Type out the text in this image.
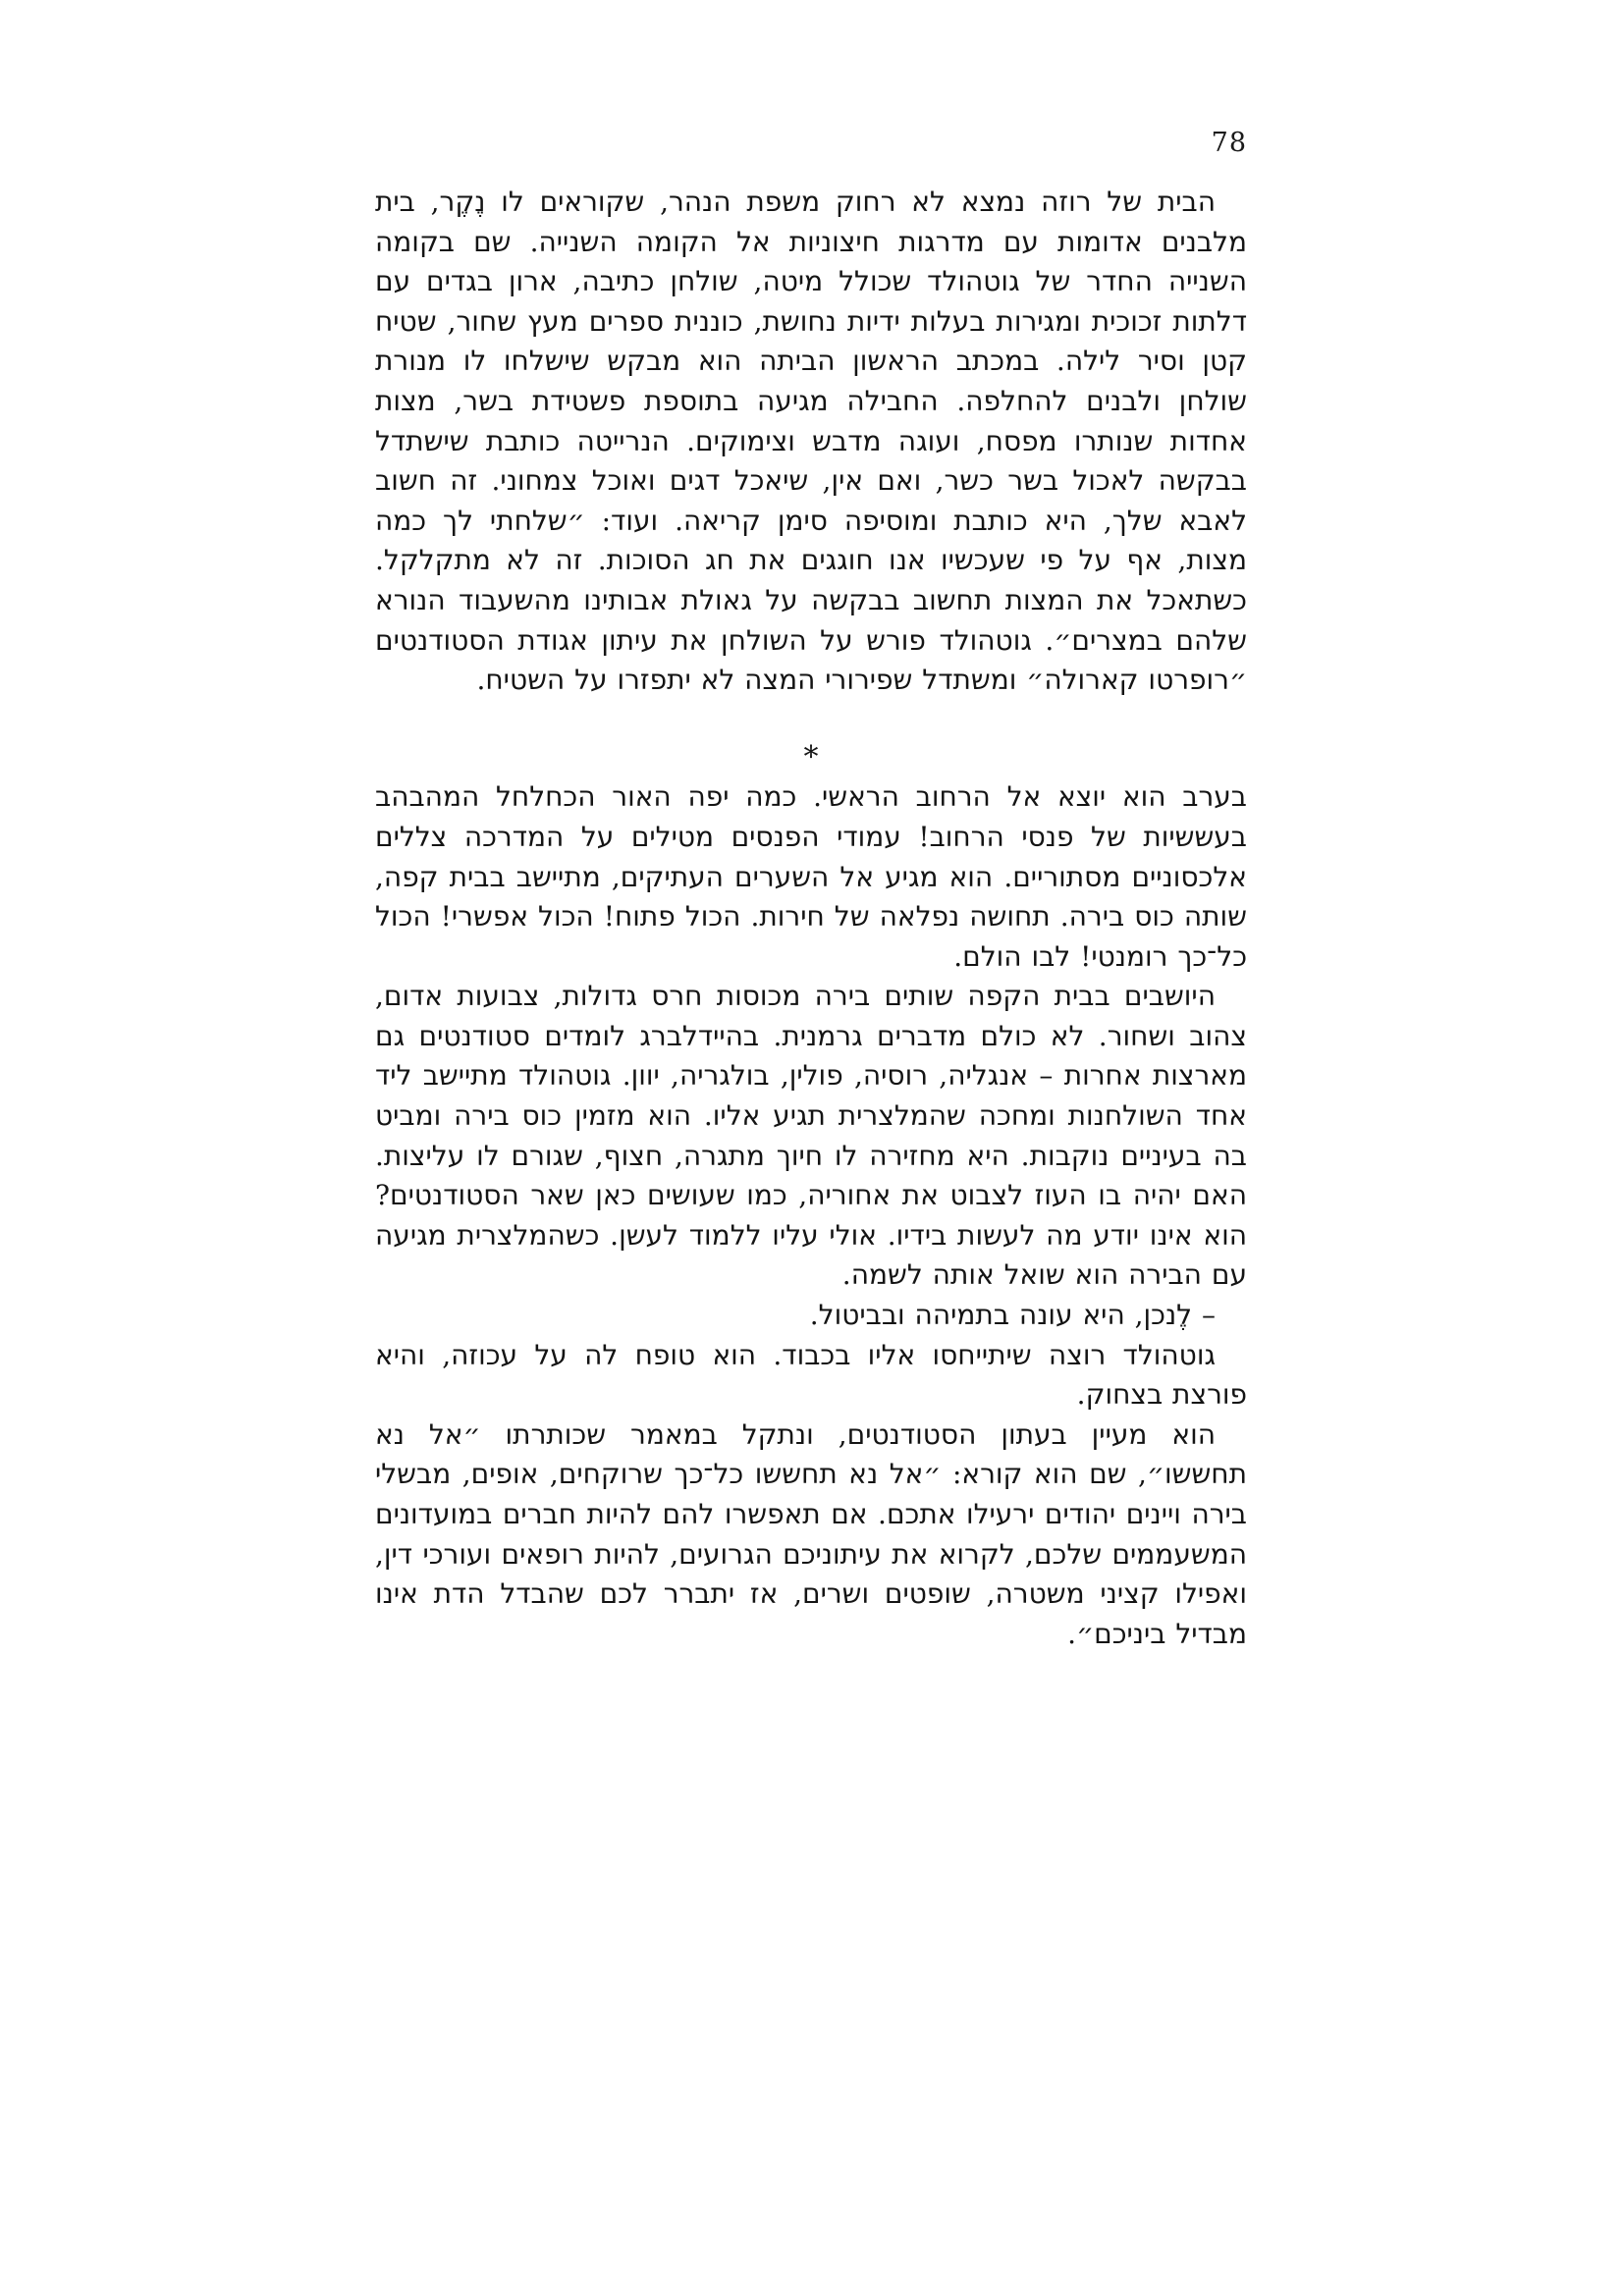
78

הבית של רוזה נמצא לא רחוק משפת הנהר, שקוראים לו נֶקֶר, בית מלבנים אדומות עם מדרגות חיצוניות אל הקומה השנייה. שם בקומה השנייה החדר של גוטהולד שכולל מיטה, שולחן כתיבה, ארון בגדים עם דלתות זכוכית ומגירות בעלות ידיות נחושת, כוננית ספרים מעץ שחור, שטיח קטן וסיר לילה. במכתב הראשון הביתה הוא מבקש שישלחו לו מנורת שולחן ולבנים להחלפה. החבילה מגיעה בתוספת פשטידת בשר, מצות אחדות שנותרו מפסח, ועוגה מדבש וצימוקים. הנרייטה כותבת שישתדל בבקשה לאכול בשר כשר, ואם אין, שיאכל דגים ואוכל צמחוני. זה חשוב לאבא שלך, היא כותבת ומוסיפה סימן קריאה. ועוד: ״שלחתי לך כמה מצות, אף על פי שעכשיו אנו חוגגים את חג הסוכות. זה לא מתקלקל. כשתאכל את המצות תחשוב בבקשה על גאולת אבותינו מהשעבוד הנורא שלהם במצרים״. גוטהולד פורש על השולחן את עיתון אגודת הסטודנטים ״רופרטו קארולה״ ומשתדל שפירורי המצה לא יתפזרו על השטיח.

*

בערב הוא יוצא אל הרחוב הראשי. כמה יפה האור הכחלחל המהבהב בעששיות של פנסי הרחוב! עמודי הפנסים מטילים על המדרכה צללים אלכסוניים מסתוריים. הוא מגיע אל השערים העתיקים, מתיישב בבית קפה, שותה כוס בירה. תחושה נפלאה של חירות. הכול פתוח! הכול אפשרי! הכול כל־כך רומנטי! לבו הולם.

היושבים בבית הקפה שותים בירה מכוסות חרס גדולות, צבועות אדום, צהוב ושחור. לא כולם מדברים גרמנית. בהיידלברג לומדים סטודנטים גם מארצות אחרות – אנגליה, רוסיה, פולין, בולגריה, יוון. גוטהולד מתיישב ליד אחד השולחנות ומחכה שהמלצרית תגיע אליו. הוא מזמין כוס בירה ומביט בה בעיניים נוקבות. היא מחזירה לו חיוך מתגרה, חצוף, שגורם לו עליצות. האם יהיה בו העוז לצבוט את אחוריה, כמו שעושים כאן שאר הסטודנטים? הוא אינו יודע מה לעשות בידיו. אולי עליו ללמוד לעשן. כשהמלצרית מגיעה עם הבירה הוא שואל אותה לשמה.

– לֶנכן, היא עונה בתמיהה ובביטול.

גוטהולד רוצה שיתייחסו אליו בכבוד. הוא טופח לה על עכוזה, והיא פורצת בצחוק.

הוא מעיין בעתון הסטודנטים, ונתקל במאמר שכותרתו ״אל נא תחששו״, שם הוא קורא: ״אל נא תחששו כל־כך שרוקחים, אופים, מבשלי בירה ויינים יהודים ירעילו אתכם. אם תאפשרו להם להיות חברים במועדונים המשעממים שלכם, לקרוא את עיתוניכם הגרועים, להיות רופאים ועורכי דין, ואפילו קציני משטרה, שופטים ושרים, אז יתברר לכם שהבדל הדת אינו מבדיל ביניכם״.
